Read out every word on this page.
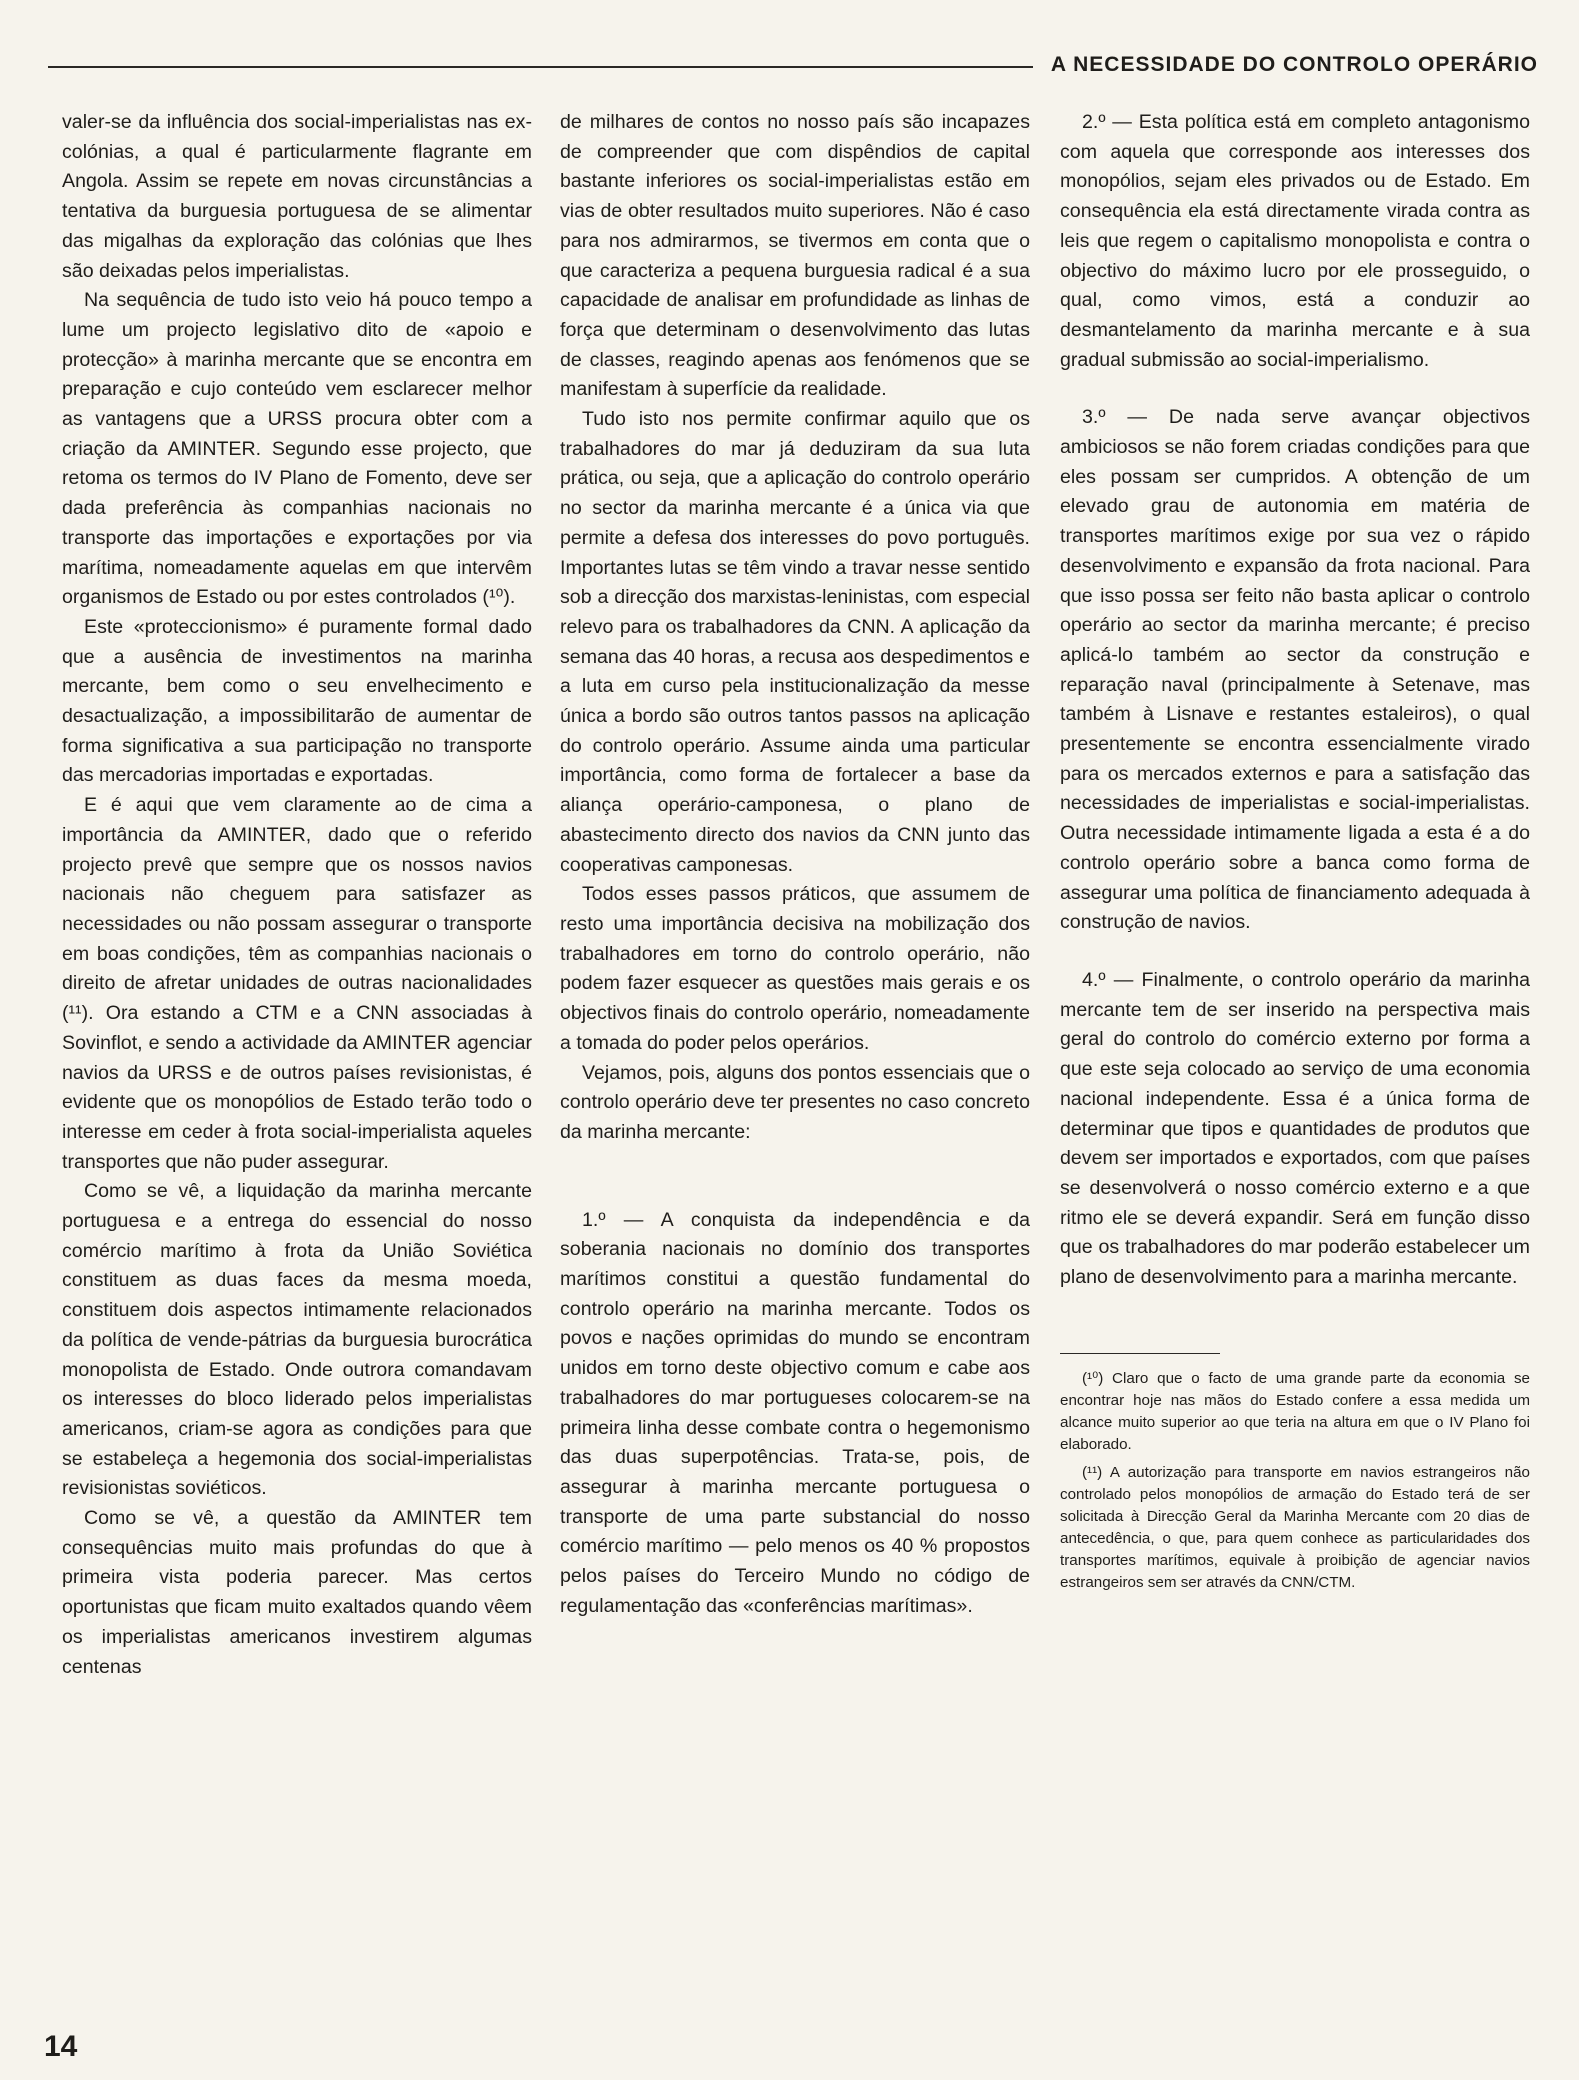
A NECESSIDADE DO CONTROLO OPERÁRIO

valer-se da influência dos social-imperialistas nas ex-colónias, a qual é particularmente flagrante em Angola. Assim se repete em novas circunstâncias a tentativa da burguesia portuguesa de se alimentar das migalhas da exploração das colónias que lhes são deixadas pelos imperialistas.

Na sequência de tudo isto veio há pouco tempo a lume um projecto legislativo dito de «apoio e protecção» à marinha mercante que se encontra em preparação e cujo conteúdo vem esclarecer melhor as vantagens que a URSS procura obter com a criação da AMINTER. Segundo esse projecto, que retoma os termos do IV Plano de Fomento, deve ser dada preferência às companhias nacionais no transporte das importações e exportações por via marítima, nomeadamente aquelas em que intervêm organismos de Estado ou por estes controlados (¹⁰).

Este «proteccionismo» é puramente formal dado que a ausência de investimentos na marinha mercante, bem como o seu envelhecimento e desactualização, a impossibilitarão de aumentar de forma significativa a sua participação no transporte das mercadorias importadas e exportadas.

E é aqui que vem claramente ao de cima a importância da AMINTER, dado que o referido projecto prevê que sempre que os nossos navios nacionais não cheguem para satisfazer as necessidades ou não possam assegurar o transporte em boas condições, têm as companhias nacionais o direito de afretar unidades de outras nacionalidades (¹¹). Ora estando a CTM e a CNN associadas à Sovinflot, e sendo a actividade da AMINTER agenciar navios da URSS e de outros países revisionistas, é evidente que os monopólios de Estado terão todo o interesse em ceder à frota social-imperialista aqueles transportes que não puder assegurar.

Como se vê, a liquidação da marinha mercante portuguesa e a entrega do essencial do nosso comércio marítimo à frota da União Soviética constituem as duas faces da mesma moeda, constituem dois aspectos intimamente relacionados da política de vende-pátrias da burguesia burocrática monopolista de Estado. Onde outrora comandavam os interesses do bloco liderado pelos imperialistas americanos, criam-se agora as condições para que se estabeleça a hegemonia dos social-imperialistas revisionistas soviéticos.

Como se vê, a questão da AMINTER tem consequências muito mais profundas do que à primeira vista poderia parecer. Mas certos oportunistas que ficam muito exaltados quando vêem os imperialistas americanos investirem algumas centenas

de milhares de contos no nosso país são incapazes de compreender que com dispêndios de capital bastante inferiores os social-imperialistas estão em vias de obter resultados muito superiores. Não é caso para nos admirarmos, se tivermos em conta que o que caracteriza a pequena burguesia radical é a sua capacidade de analisar em profundidade as linhas de força que determinam o desenvolvimento das lutas de classes, reagindo apenas aos fenómenos que se manifestam à superfície da realidade.

Tudo isto nos permite confirmar aquilo que os trabalhadores do mar já deduziram da sua luta prática, ou seja, que a aplicação do controlo operário no sector da marinha mercante é a única via que permite a defesa dos interesses do povo português. Importantes lutas se têm vindo a travar nesse sentido sob a direcção dos marxistas-leninistas, com especial relevo para os trabalhadores da CNN. A aplicação da semana das 40 horas, a recusa aos despedimentos e a luta em curso pela institucionalização da messe única a bordo são outros tantos passos na aplicação do controlo operário. Assume ainda uma particular importância, como forma de fortalecer a base da aliança operário-camponesa, o plano de abastecimento directo dos navios da CNN junto das cooperativas camponesas.

Todos esses passos práticos, que assumem de resto uma importância decisiva na mobilização dos trabalhadores em torno do controlo operário, não podem fazer esquecer as questões mais gerais e os objectivos finais do controlo operário, nomeadamente a tomada do poder pelos operários.

Vejamos, pois, alguns dos pontos essenciais que o controlo operário deve ter presentes no caso concreto da marinha mercante:

1.º — A conquista da independência e da soberania nacionais no domínio dos transportes marítimos constitui a questão fundamental do controlo operário na marinha mercante. Todos os povos e nações oprimidas do mundo se encontram unidos em torno deste objectivo comum e cabe aos trabalhadores do mar portugueses colocarem-se na primeira linha desse combate contra o hegemonismo das duas superpotências. Trata-se, pois, de assegurar à marinha mercante portuguesa o transporte de uma parte substancial do nosso comércio marítimo — pelo menos os 40 % propostos pelos países do Terceiro Mundo no código de regulamentação das «conferências marítimas».

2.º — Esta política está em completo antagonismo com aquela que corresponde aos interesses dos monopólios, sejam eles privados ou de Estado. Em consequência ela está directamente virada contra as leis que regem o capitalismo monopolista e contra o objectivo do máximo lucro por ele prosseguido, o qual, como vimos, está a conduzir ao desmantelamento da marinha mercante e à sua gradual submissão ao social-imperialismo.

3.º — De nada serve avançar objectivos ambiciosos se não forem criadas condições para que eles possam ser cumpridos. A obtenção de um elevado grau de autonomia em matéria de transportes marítimos exige por sua vez o rápido desenvolvimento e expansão da frota nacional. Para que isso possa ser feito não basta aplicar o controlo operário ao sector da marinha mercante; é preciso aplicá-lo também ao sector da construção e reparação naval (principalmente à Setenave, mas também à Lisnave e restantes estaleiros), o qual presentemente se encontra essencialmente virado para os mercados externos e para a satisfação das necessidades de imperialistas e social-imperialistas. Outra necessidade intimamente ligada a esta é a do controlo operário sobre a banca como forma de assegurar uma política de financiamento adequada à construção de navios.

4.º — Finalmente, o controlo operário da marinha mercante tem de ser inserido na perspectiva mais geral do controlo do comércio externo por forma a que este seja colocado ao serviço de uma economia nacional independente. Essa é a única forma de determinar que tipos e quantidades de produtos que devem ser importados e exportados, com que países se desenvolverá o nosso comércio externo e a que ritmo ele se deverá expandir. Será em função disso que os trabalhadores do mar poderão estabelecer um plano de desenvolvimento para a marinha mercante.

(¹⁰) Claro que o facto de uma grande parte da economia se encontrar hoje nas mãos do Estado confere a essa medida um alcance muito superior ao que teria na altura em que o IV Plano foi elaborado.

(¹¹) A autorização para transporte em navios estrangeiros não controlado pelos monopólios de armação do Estado terá de ser solicitada à Direcção Geral da Marinha Mercante com 20 dias de antecedência, o que, para quem conhece as particularidades dos transportes marítimos, equivale à proibição de agenciar navios estrangeiros sem ser através da CNN/CTM.

14
